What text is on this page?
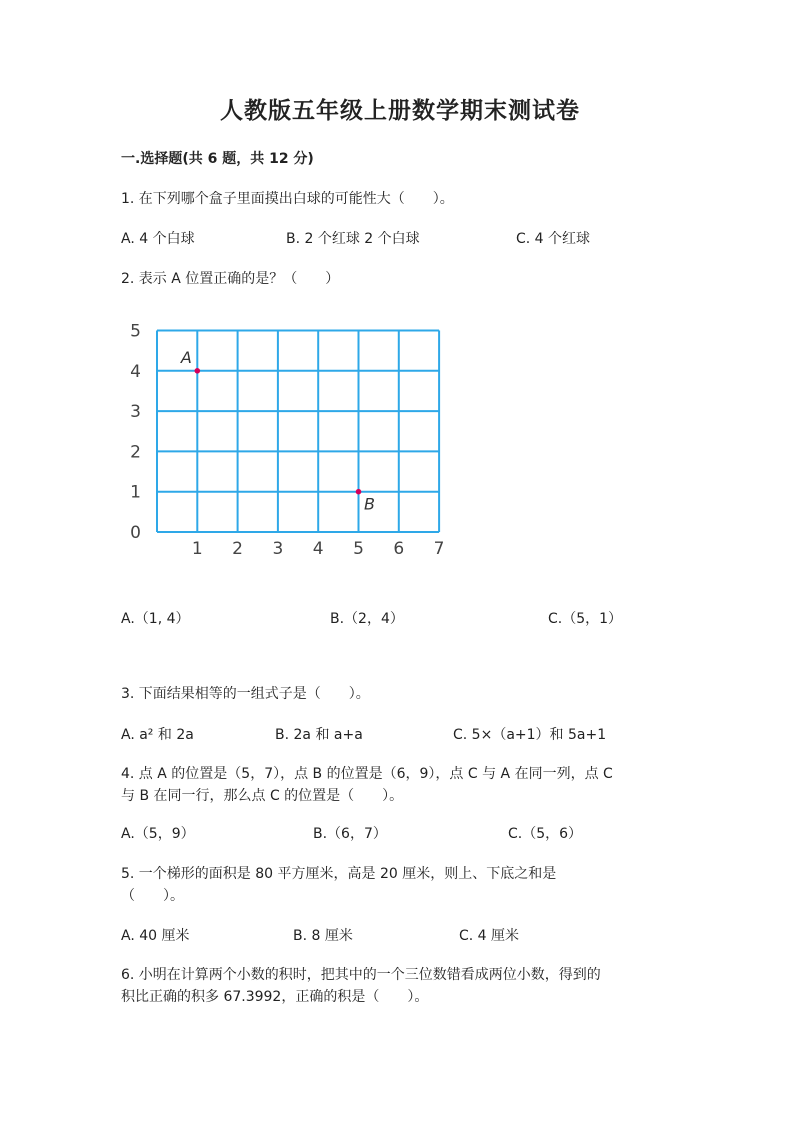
人教版五年级上册数学期末测试卷
一.选择题(共 6 题，共 12 分)
1. 在下列哪个盒子里面摸出白球的可能性大（　　）。
A. 4 个白球	B. 2 个红球 2 个白球	C. 4 个红球
2. 表示 A 位置正确的是？（　　）
1 2 3 4 5 6 7
0
1
2
3
4
5
A
B
A.（1, 4）	B.（2，4）	C.（5，1）
3. 下面结果相等的一组式子是（　　）。
A. a² 和 2a	B. 2a 和 a+a	C. 5×（a+1）和 5a+1
4. 点 A 的位置是（5，7），点 B 的位置是（6，9），点 C 与 A 在同一列，点 C
与 B 在同一行，那么点 C 的位置是（　　）。
A.（5，9）	B.（6，7）	C.（5，6）
5. 一个梯形的面积是 80 平方厘米，高是 20 厘米，则上、下底之和是
（　　）。
A. 40 厘米	B. 8 厘米	C. 4 厘米
6. 小明在计算两个小数的积时，把其中的一个三位数错看成两位小数，得到的
积比正确的积多 67.3992，正确的积是（　　）。
